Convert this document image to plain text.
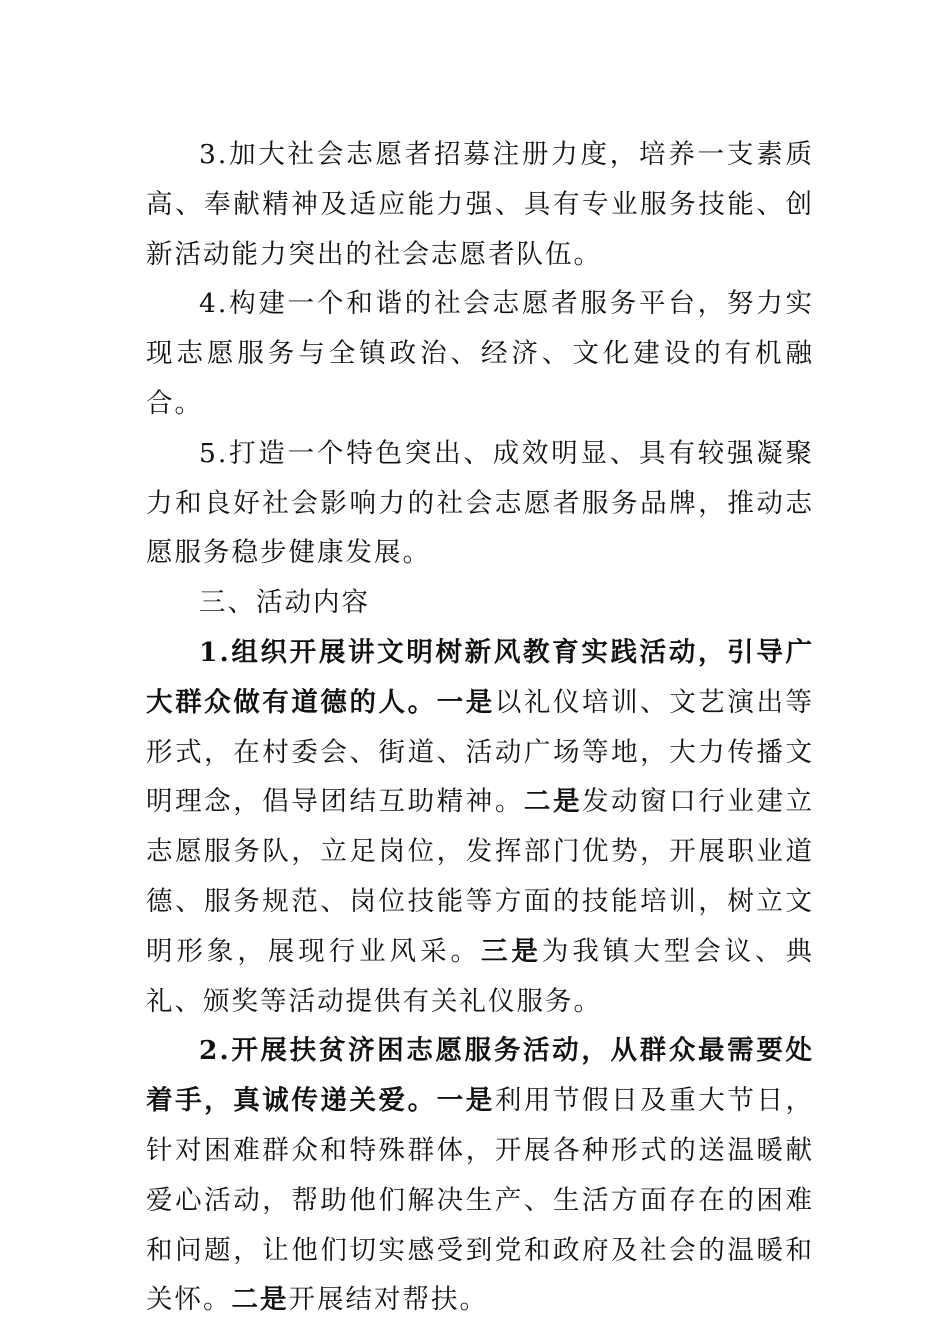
3.加大社会志愿者招募注册力度，培养一支素质高、奉献精神及适应能力强、具有专业服务技能、创新活动能力突出的社会志愿者队伍。

4.构建一个和谐的社会志愿者服务平台，努力实现志愿服务与全镇政治、经济、文化建设的有机融合。

5.打造一个特色突出、成效明显、具有较强凝聚力和良好社会影响力的社会志愿者服务品牌，推动志愿服务稳步健康发展。

三、活动内容

1.组织开展讲文明树新风教育实践活动，引导广大群众做有道德的人。一是以礼仪培训、文艺演出等形式，在村委会、街道、活动广场等地，大力传播文明理念，倡导团结互助精神。二是发动窗口行业建立志愿服务队，立足岗位，发挥部门优势，开展职业道德、服务规范、岗位技能等方面的技能培训，树立文明形象，展现行业风采。三是为我镇大型会议、典礼、颁奖等活动提供有关礼仪服务。

2.开展扶贫济困志愿服务活动，从群众最需要处着手，真诚传递关爱。一是利用节假日及重大节日，针对困难群众和特殊群体，开展各种形式的送温暖献爱心活动，帮助他们解决生产、生活方面存在的困难和问题，让他们切实感受到党和政府及社会的温暖和关怀。二是开展结对帮扶。
